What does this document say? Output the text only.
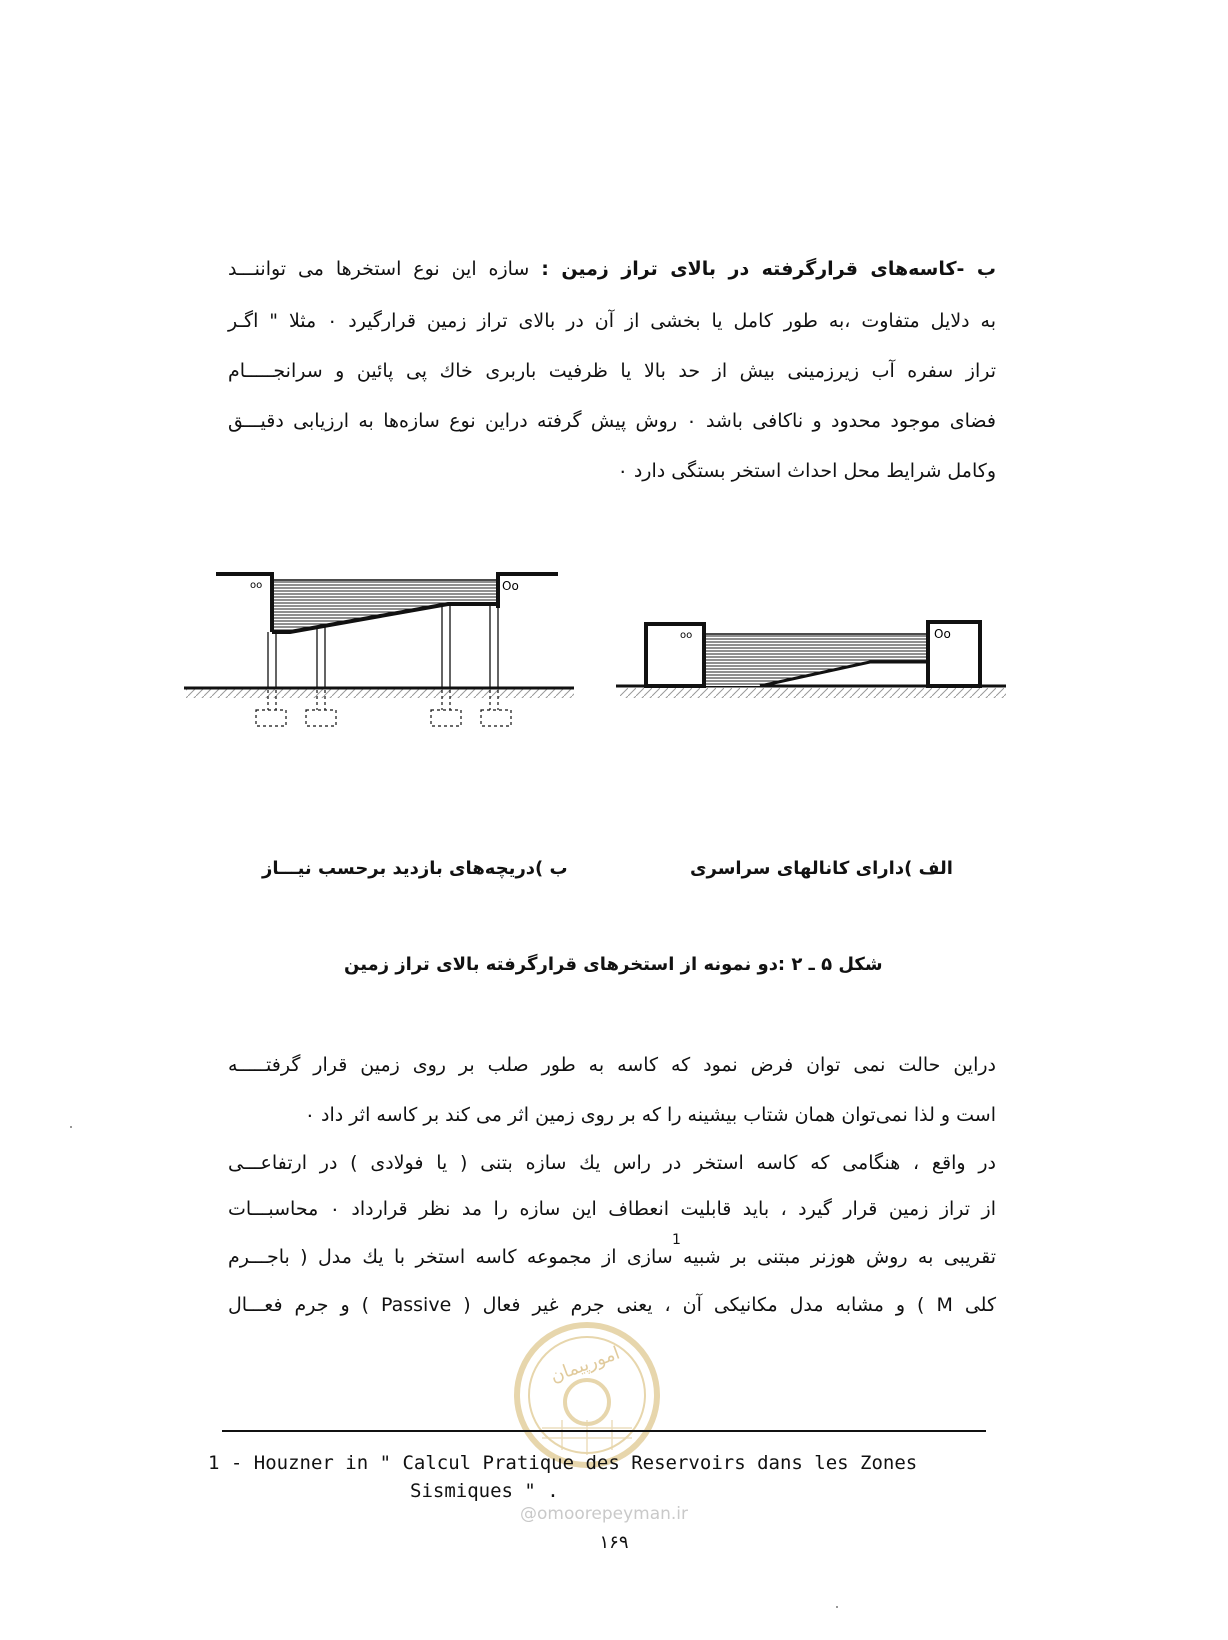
ب -کاسه‌های قرارگرفته در بالای تراز زمین : سازه این نوع استخرها می تواننـــد
به دلایل متفاوت ،به طور کامل یا بخشی از آن در بالای تراز زمین قرارگیرد ۰ مثلا " اگـر
تراز سفره آب زیرزمینی بیش از حد بالا یا ظرفیت باربری خاك پی پائین و سرانجـــــام
فضای موجود محدود و ناکافی باشد ۰ روش پیش گرفته دراین نوع سازه‌ها به ارزیابی دقیـــق
وکامل شرایط محل احداث استخر بستگی دارد ۰
oo	Oo
oo	Oo
ب )دریچه‌های بازدید برحسب نیـــاز	الف )دارای کانالهای سراسری
شکل ۵ ـ ۲ :دو نمونه از استخرهای قرارگرفته بالای تراز زمین
دراین حالت نمی توان فرض نمود که کاسه به طور صلب بر روی زمین قرار گرفتـــــه
است و لذا نمی‌توان همان شتاب بیشینه را که بر روی زمین اثر می کند بر کاسه اثر داد ۰
در واقع ، هنگامی که کاسه استخر در راس یك سازه بتنی ( یا فولادی ) در ارتفاعـــی
از تراز زمین قرار گیرد ، باید قابلیت انعطاف این سازه را مد نظر قرارداد ۰ محاسبـــات
تقریبی به روش هوزنر مبتنی بر شبیه سازی از مجموعه کاسه استخر با یك مدل ( باجـــرم
1
کلی M ) و مشابه مدل مکانیکی آن ، یعنی جرم غیر فعال ( Passive ) و جرم فعـــال
امورپیمان
1 - Houzner in " Calcul Pratique des Reservoirs dans les Zones
Sismiques " .
@omoorepeyman.ir
۱۶۹
